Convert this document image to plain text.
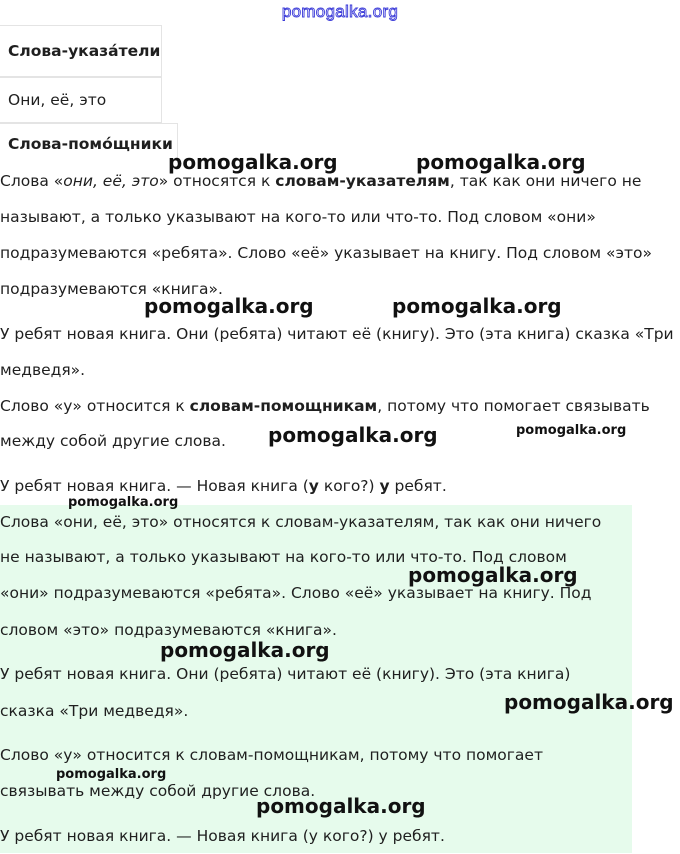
pomogalka.org
Слова-указáтели
Они, её, это
Слова-помóщники

Слова «они, её, это» относятся к словам-указателям, так как они ничего не

называют, а только указывают на кого-то или что-то. Под словом «они»

подразумеваются «ребята». Слово «её» указывает на книгу. Под словом «это»

подразумеваются «книга».

У ребят новая книга. Они (ребята) читают её (книгу). Это (эта книга) сказка «Три

медведя».

Слово «у» относится к словам-помощникам, потому что помогает связывать

между собой другие слова.

У ребят новая книга. — Новая книга (у кого?) у ребят.

Слова «они, её, это» относятся к словам-указателям, так как они ничего

не называют, а только указывают на кого-то или что-то. Под словом

«они» подразумеваются «ребята». Слово «её» указывает на книгу. Под

словом «это» подразумеваются «книга».

У ребят новая книга. Они (ребята) читают её (книгу). Это (эта книга)

сказка «Три медведя».

Слово «у» относится к словам-помощникам, потому что помогает

связывать между собой другие слова.

У ребят новая книга. — Новая книга (у кого?) у ребят.

pomogalka.org	pomogalka.org
pomogalka.org	pomogalka.org
pomogalka.org	pomogalka.org
pomogalka.org
pomogalka.org
pomogalka.org
pomogalka.org
pomogalka.org
pomogalka.org
